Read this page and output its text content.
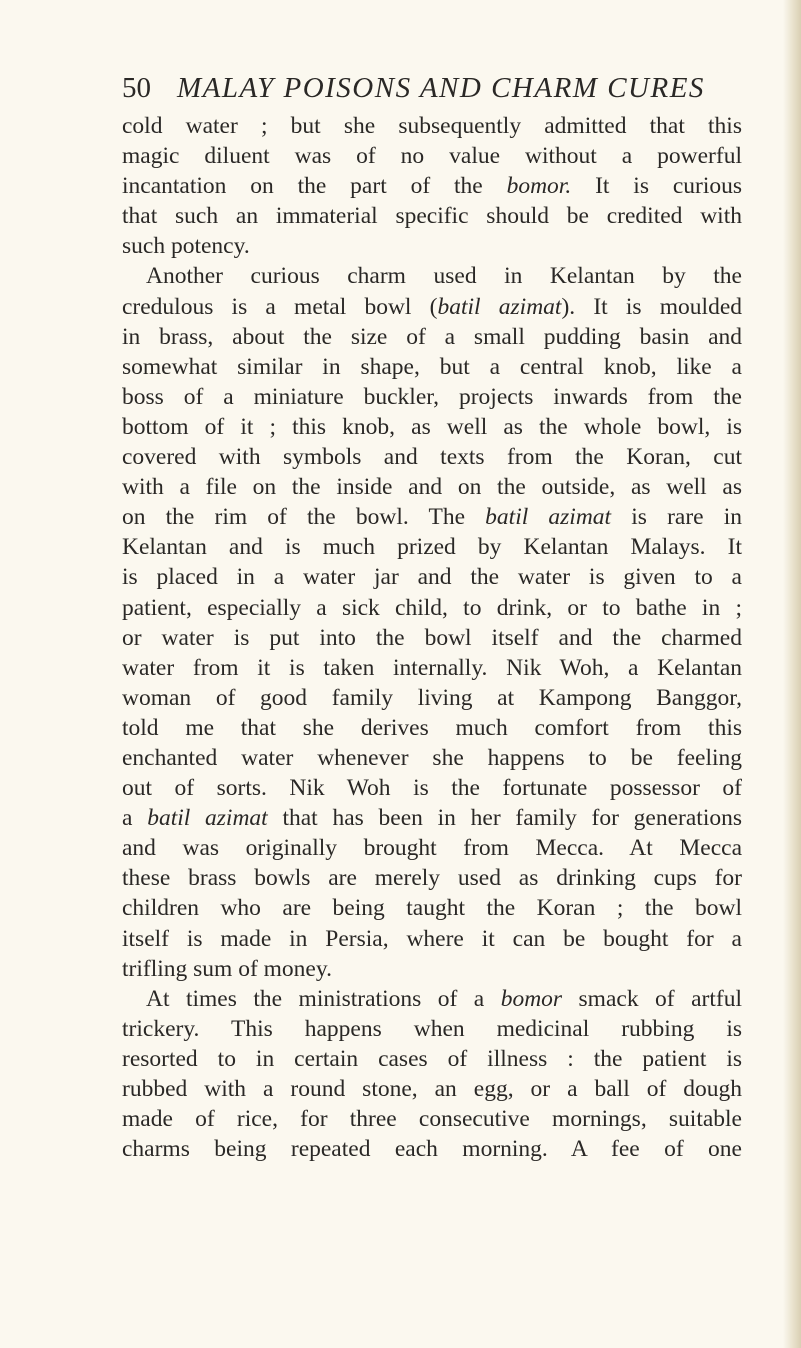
50 MALAY POISONS AND CHARM CURES
cold water ; but she subsequently admitted that this
magic diluent was of no value without a powerful
incantation on the part of the bomor. It is curious
that such an immaterial specific should be credited with
such potency.
Another curious charm used in Kelantan by the
credulous is a metal bowl (batil azimat). It is moulded
in brass, about the size of a small pudding basin and
somewhat similar in shape, but a central knob, like a
boss of a miniature buckler, projects inwards from the
bottom of it ; this knob, as well as the whole bowl, is
covered with symbols and texts from the Koran, cut
with a file on the inside and on the outside, as well as
on the rim of the bowl. The batil azimat is rare in
Kelantan and is much prized by Kelantan Malays. It
is placed in a water jar and the water is given to a
patient, especially a sick child, to drink, or to bathe in ;
or water is put into the bowl itself and the charmed
water from it is taken internally. Nik Woh, a Kelantan
woman of good family living at Kampong Banggor,
told me that she derives much comfort from this
enchanted water whenever she happens to be feeling
out of sorts. Nik Woh is the fortunate possessor of
a batil azimat that has been in her family for generations
and was originally brought from Mecca. At Mecca
these brass bowls are merely used as drinking cups for
children who are being taught the Koran ; the bowl
itself is made in Persia, where it can be bought for a
trifling sum of money.
At times the ministrations of a bomor smack of artful
trickery. This happens when medicinal rubbing is
resorted to in certain cases of illness : the patient is
rubbed with a round stone, an egg, or a ball of dough
made of rice, for three consecutive mornings, suitable
charms being repeated each morning. A fee of one
